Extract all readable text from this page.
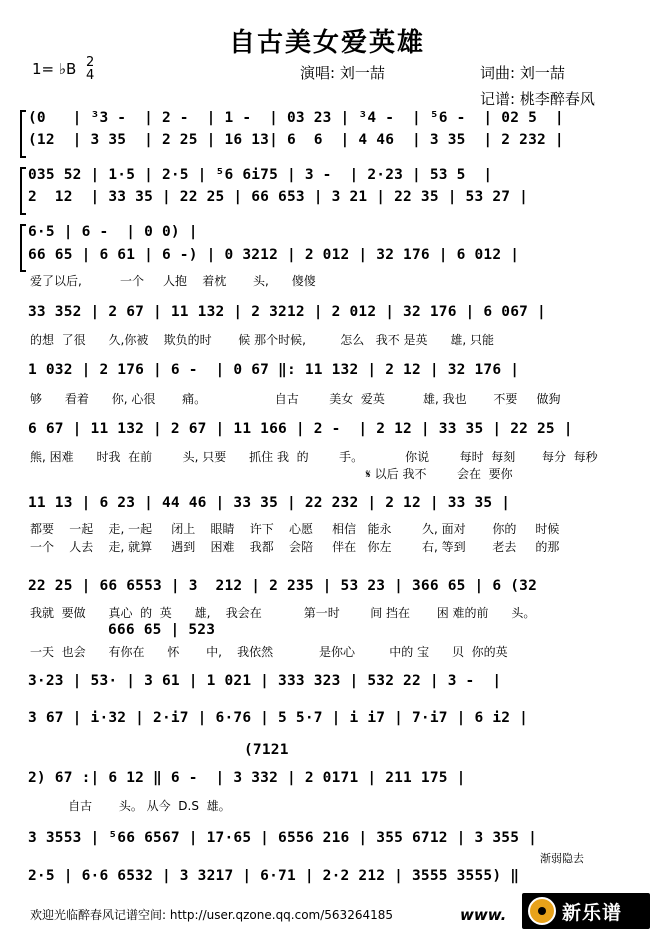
自古美女爱英雄
1= ♭B 2
4	演唱: 刘一喆	词曲: 刘一喆
记谱: 桃李醉春风
(0   | ³3 -  | 2 -  | 1 -  | 03 23 | ³4 -  | ⁵6 -  | 02 5  |
(12  | 3 35  | 2 25 | 16 13| 6  6  | 4 46  | 3 35  | 2 232 |
035 52 | 1·5 | 2·5 | ⁵6 6i75 | 3 -  | 2·23 | 53 5  |
2  12  | 33 35 | 22 25 | 66 653 | 3 21 | 22 35 | 53 27 |
6·5 | 6 -  | 0 0) |
66 65 | 6 61 | 6 -) | 0 3212 | 2 012 | 32 176 | 6 012 |
爱了以后,          一个     人抱    着枕       头,      傻傻
33 352 | 2 67 | 11 132 | 2 3212 | 2 012 | 32 176 | 6 067 |
的想  了很      久,你被    欺负的时       候 那个时候,         怎么   我不 是英      雄, 只能
1 032 | 2 176 | 6 -  | 0 67 ‖: 11 132 | 2 12 | 32 176 |
够      看着      你, 心很       痛。                  自古        美女  爱英          雄, 我也       不要     做狗
6 67 | 11 132 | 2 67 | 11 166 | 2 -  | 2 12 | 33 35 | 22 25 |
熊, 困难      时我  在前        头, 只要      抓住 我  的        手。           你说        每时  每刻       每分  每秒
𝄋 以后 我不        会在  要你
11 13 | 6 23 | 44 46 | 33 35 | 22 232 | 2 12 | 33 35 |
都要    一起    走, 一起     闭上    眼睛    许下    心愿     相信   能永        久, 面对       你的     时候
一个    人去    走, 就算     遇到    困难    我都    会陪     伴在   你左        右, 等到       老去     的那
22 25 | 66 6553 | 3  212 | 2 235 | 53 23 | 366 65 | 6 (32
我就  要做      真心  的  英      雄,    我会在           第一时        间 挡在       困 难的前      头。
666 65 | 523
一天  也会      有你在      怀       中,    我依然            是你心         中的 宝      贝  你的英
3·23 | 53· | 3 61 | 1 021 | 333 323 | 532 22 | 3 -  |
3 67 | i·32 | 2·i7 | 6·76 | 5 5·7 | i i7 | 7·i7 | 6 i2 |
(7121
2) 67 :| 6 12 ‖ 6 -  | 3 332 | 2 0171 | 211 175 |
自古       头。 从今  D.S  雄。
3 3553 | ⁵66 6567 | 17·65 | 6556 216 | 355 6712 | 3 355 |
渐弱隐去
2·5 | 6·6 6532 | 3 3217 | 6·71 | 2·2 212 | 3555 3555) ‖
欢迎光临醉春风记谱空间: http://user.qzone.qq.com/563264185	www.	新乐谱
